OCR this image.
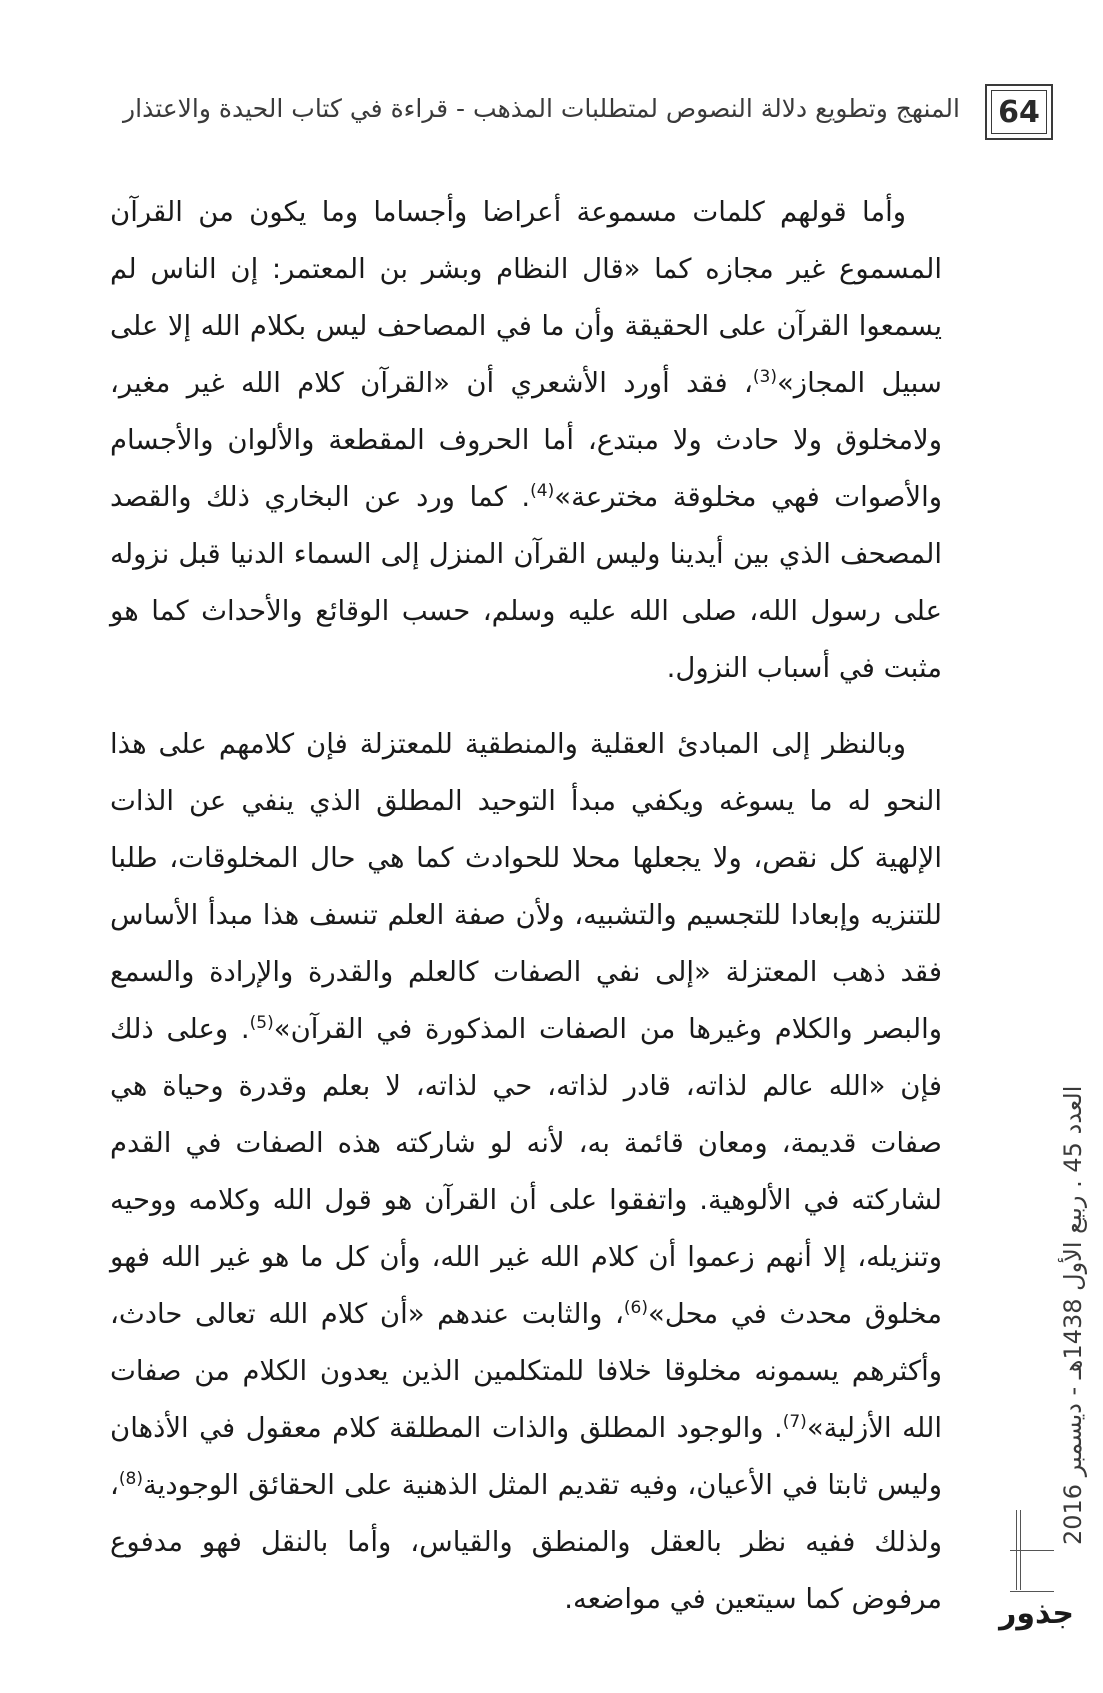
64
المنهج وتطويع دلالة النصوص لمتطلبات المذهب - قراءة في كتاب الحيدة والاعتذار

وأما قولهم كلمات مسموعة أعراضا وأجساما وما يكون من القرآن المسموع غير مجازه كما «قال النظام وبشر بن المعتمر: إن الناس لم يسمعوا القرآن على الحقيقة وأن ما في المصاحف ليس بكلام الله إلا على سبيل المجاز»$^{(3)}$، فقد أورد الأشعري أن «القرآن كلام الله غير مغير، ولامخلوق ولا حادث ولا مبتدع، أما الحروف المقطعة والألوان والأجسام والأصوات فهي مخلوقة مخترعة»$^{(4)}$. كما ورد عن البخاري ذلك والقصد المصحف الذي بين أيدينا وليس القرآن المنزل إلى السماء الدنيا قبل نزوله على رسول الله، صلى الله عليه وسلم، حسب الوقائع والأحداث كما هو مثبت في أسباب النزول.

وبالنظر إلى المبادئ العقلية والمنطقية للمعتزلة فإن كلامهم على هذا النحو له ما يسوغه ويكفي مبدأ التوحيد المطلق الذي ينفي عن الذات الإلهية كل نقص، ولا يجعلها محلا للحوادث كما هي حال المخلوقات، طلبا للتنزيه وإبعادا للتجسيم والتشبيه، ولأن صفة العلم تنسف هذا مبدأ الأساس فقد ذهب المعتزلة «إلى نفي الصفات كالعلم والقدرة والإرادة والسمع والبصر والكلام وغيرها من الصفات المذكورة في القرآن»$^{(5)}$. وعلى ذلك فإن «الله عالم لذاته، قادر لذاته، حي لذاته، لا بعلم وقدرة وحياة هي صفات قديمة، ومعان قائمة به، لأنه لو شاركته هذه الصفات في القدم لشاركته في الألوهية. واتفقوا على أن القرآن هو قول الله وكلامه ووحيه وتنزيله، إلا أنهم زعموا أن كلام الله غير الله، وأن كل ما هو غير الله فهو مخلوق محدث في محل»$^{(6)}$، والثابت عندهم «أن كلام الله تعالى حادث، وأكثرهم يسمونه مخلوقا خلافا للمتكلمين الذين يعدون الكلام من صفات الله الأزلية»$^{(7)}$. والوجود المطلق والذات المطلقة كلام معقول في الأذهان وليس ثابتا في الأعيان، وفيه تقديم المثل الذهنية على الحقائق الوجودية$^{(8)}$، ولذلك ففيه نظر بالعقل والمنطق والقياس، وأما بالنقل فهو مدفوع مرفوض كما سيتعين في مواضعه.

العدد 45 . ربيع الأول 1438هـ - ديسمبر 2016
جذور
